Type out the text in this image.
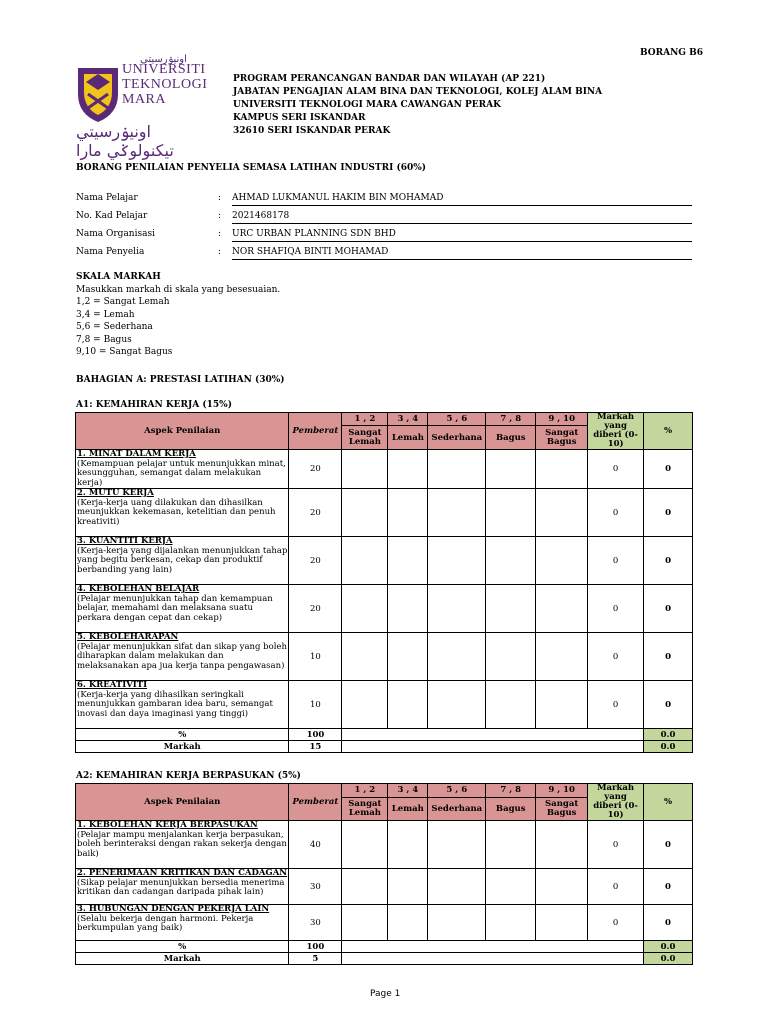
BORANG B6
اونيۏرسيتي
UNIVERSITI
TEKNOLOGI
MARA
اونيۏرسيتي تيكنولوݢي مارا
PROGRAM PERANCANGAN BANDAR DAN WILAYAH (AP 221)
JABATAN PENGAJIAN ALAM BINA DAN TEKNOLOGI, KOLEJ ALAM BINA
UNIVERSITI TEKNOLOGI MARA CAWANGAN PERAK
KAMPUS SERI ISKANDAR
32610 SERI ISKANDAR PERAK
BORANG PENILAIAN PENYELIA SEMASA LATIHAN INDUSTRI (60%)
Nama Pelajar	: AHMAD LUKMANUL HAKIM BIN MOHAMAD
No. Kad Pelajar	: 2021468178
Nama Organisasi	: URC URBAN PLANNING SDN BHD
Nama Penyelia	: NOR SHAFIQA BINTI MOHAMAD
SKALA MARKAH
Masukkan markah di skala yang besesuaian.
1,2 = Sangat Lemah
3,4 = Lemah
5,6 = Sederhana
7,8 = Bagus
9,10 = Sangat Bagus
BAHAGIAN A: PRESTASI LATIHAN (30%)
A1: KEMAHIRAN KERJA (15%)
Aspek Penilaian	Pemberat	1 , 2	3 , 4	5 , 6	7 , 8	9 , 10	Markah yang diberi (0-10)	%
		Sangat Lemah	Lemah	Sederhana	Bagus	Sangat Bagus		

1. MINAT DALAM KERJA
(Kemampuan pelajar untuk menunjukkan minat, kesungguhan, semangat dalam melakukan kerja)	20						0	0

2. MUTU KERJA
(Kerja-kerja uang dilakukan dan dihasilkan meunjukkan kekemasan, ketelitian dan penuh kreativiti)	20						0	0

3. KUANTITI KERJA
(Kerja-kerja yang dijalankan menunjukkan tahap yang begitu berkesan, cekap dan produktif berbanding yang lain)	20						0	0

4. KEBOLEHAN BELAJAR
(Pelajar menunjukkan tahap dan kemampuan belajar, memahami dan melaksana suatu perkara dengan cepat dan cekap)	20						0	0

5. KEBOLEHARAPAN
(Pelajar menunjukkan sifat dan sikap yang boleh diharapkan dalam melakukan dan melaksanakan apa jua kerja tanpa pengawasan)	10						0	0

6. KREATIVITI
(Kerja-kerja yang dihasilkan seringkali menunjukkan gambaran idea baru, semangat inovasi dan daya imaginasi yang tinggi)	10						0	0
%	100							0.0
Markah	15							0.0
A2: KEMAHIRAN KERJA BERPASUKAN (5%)
Aspek Penilaian	Pemberat	1 , 2	3 , 4	5 , 6	7 , 8	9 , 10	Markah yang diberi (0-10)	%
		Sangat Lemah	Lemah	Sederhana	Bagus	Sangat Bagus		

1. KEBOLEHAN KERJA BERPASUKAN
(Pelajar mampu menjalankan kerja berpasukan, boleh berinteraksi dengan rakan sekerja dengan baik)	40						0	0

2. PENERIMAAN KRITIKAN DAN CADAGAN
(Sikap pelajar menunjukkan bersedia menerima kritikan dan cadangan daripada pihak lain)	30						0	0

3. HUBUNGAN DENGAN PEKERJA LAIN
(Selalu bekerja dengan harmoni. Pekerja berkumpulan yang baik)	30						0	0
%	100							0.0
Markah	5							0.0
Page 1
